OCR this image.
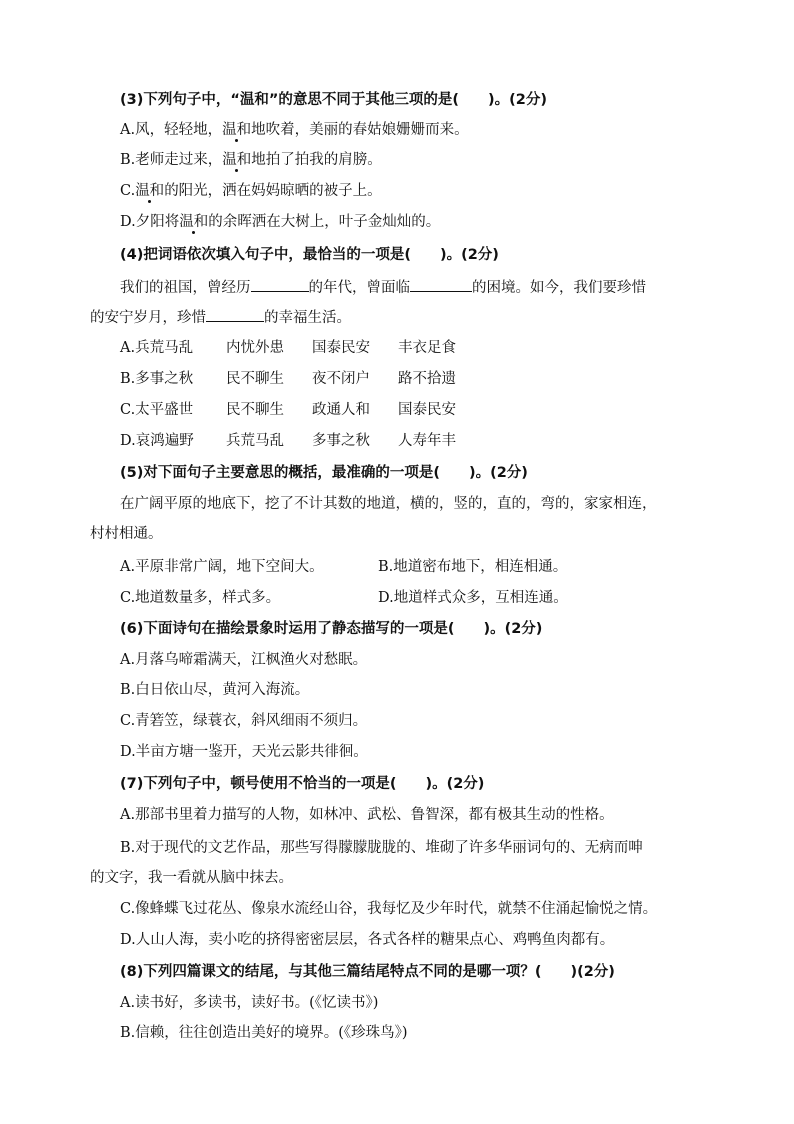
(3)下列句子中，“温和”的意思不同于其他三项的是(　　)。(2分)
A.风，轻轻地，温和地吹着，美丽的春姑娘姗姗而来。
B.老师走过来，温和地拍了拍我的肩膀。
C.温和的阳光，洒在妈妈晾晒的被子上。
D.夕阳将温和的余晖洒在大树上，叶子金灿灿的。
(4)把词语依次填入句子中，最恰当的一项是(　　)。(2分)
我们的祖国，曾经历	的年代，曾面临	的困境。如今，我们要珍惜
的安宁岁月，珍惜	的幸福生活。
A.兵荒马乱 内忧外患 国泰民安 丰衣足食
B.多事之秋 民不聊生 夜不闭户 路不拾遗
C.太平盛世 民不聊生 政通人和 国泰民安
D.哀鸿遍野 兵荒马乱 多事之秋 人寿年丰
(5)对下面句子主要意思的概括，最准确的一项是(　　)。(2分)
在广阔平原的地底下，挖了不计其数的地道，横的，竖的，直的，弯的，家家相连，
村村相通。
A.平原非常广阔，地下空间大。	B.地道密布地下，相连相通。
C.地道数量多，样式多。	D.地道样式众多，互相连通。
(6)下面诗句在描绘景象时运用了静态描写的一项是(　　)。(2分)
A.月落乌啼霜满天，江枫渔火对愁眠。
B.白日依山尽，黄河入海流。
C.青箬笠，绿蓑衣，斜风细雨不须归。
D.半亩方塘一鉴开，天光云影共徘徊。
(7)下列句子中，顿号使用不恰当的一项是(　　)。(2分)
A.那部书里着力描写的人物，如林冲、武松、鲁智深，都有极其生动的性格。
B.对于现代的文艺作品，那些写得朦朦胧胧的、堆砌了许多华丽词句的、无病而呻
的文字，我一看就从脑中抹去。
C.像蜂蝶飞过花丛、像泉水流经山谷，我每忆及少年时代，就禁不住涌起愉悦之情。
D.人山人海，卖小吃的挤得密密层层，各式各样的糖果点心、鸡鸭鱼肉都有。
(8)下列四篇课文的结尾，与其他三篇结尾特点不同的是哪一项？(　　)(2分)
A.读书好，多读书，读好书。(《忆读书》)
B.信赖，往往创造出美好的境界。(《珍珠鸟》)
